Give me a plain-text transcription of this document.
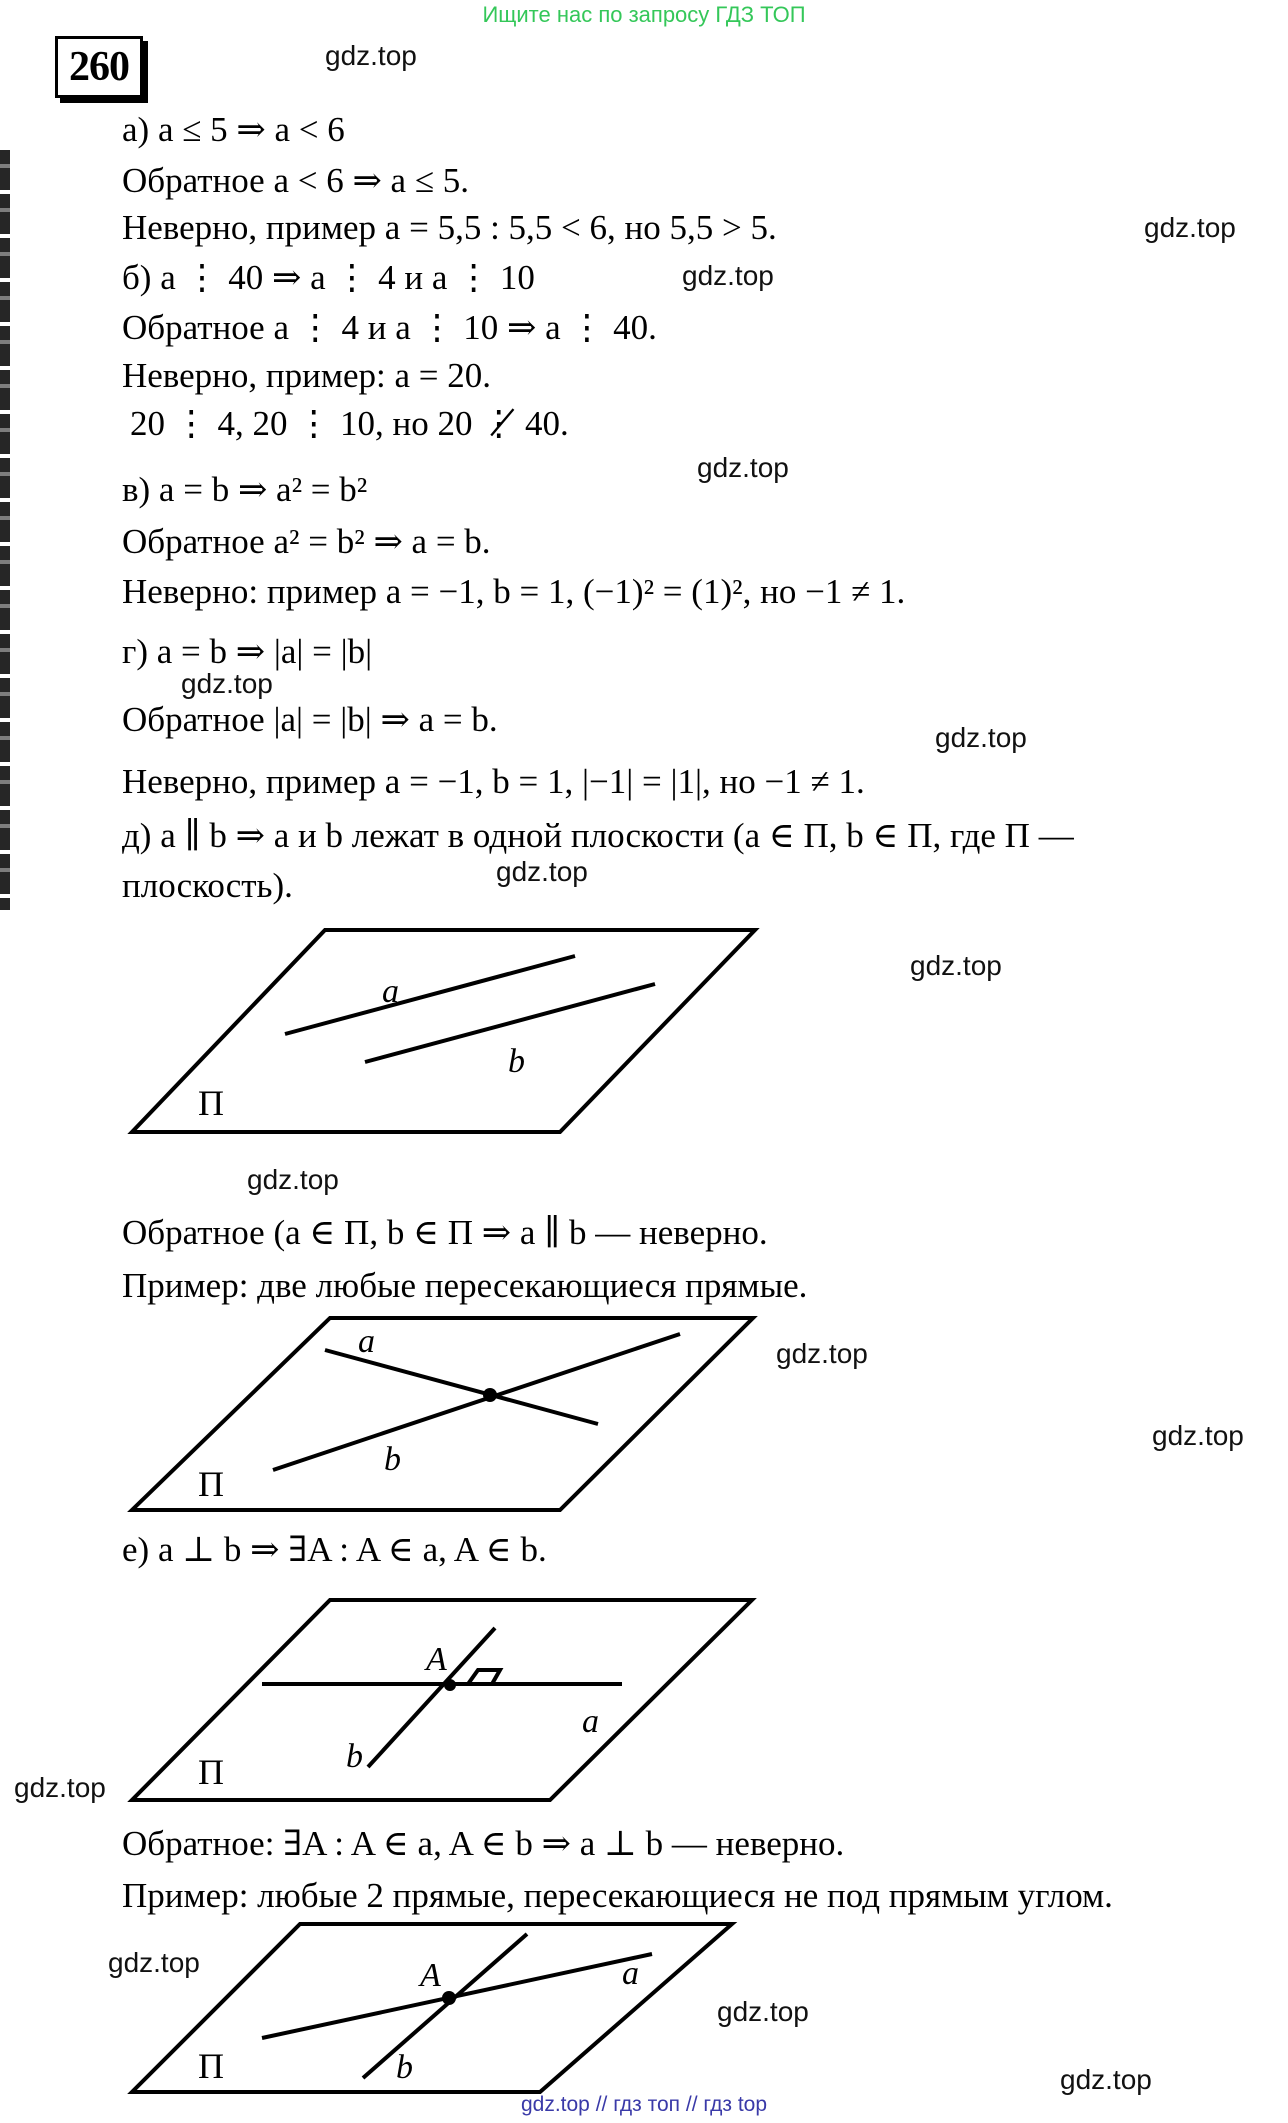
Ищите нас по запросу ГДЗ ТОП
260	gdz.top
gdz.top
gdz.top
gdz.top
gdz.top
gdz.top
gdz.top
gdz.top
gdz.top
gdz.top
gdz.top
gdz.top
gdz.top
gdz.top
gdz.top
а) a ≤ 5 ⇒ a < 6
Обратное a < 6 ⇒ a ≤ 5.
Неверно, пример a = 5,5 : 5,5 < 6, но 5,5 > 5.
б) a ⋮ 40 ⇒ a ⋮ 4 и a ⋮ 10
Обратное a ⋮ 4 и a ⋮ 10 ⇒ a ⋮ 40.
Неверно, пример: a = 20.
20 ⋮ 4, 20 ⋮ 10, но 20 ⋮̸ 40.
в) a = b ⇒ a² = b²
Обратное a² = b² ⇒ a = b.
Неверно: пример a = −1, b = 1, (−1)² = (1)², но −1 ≠ 1.
г) a = b ⇒ |a| = |b|
Обратное |a| = |b| ⇒ a = b.
Неверно, пример a = −1, b = 1, |−1| = |1|, но −1 ≠ 1.
д) a ∥ b ⇒ a и b лежат в одной плоскости (a ∈ П, b ∈ П, где П —
плоскость).
a
b
П
Обратное (a ∈ П, b ∈ П ⇒ a ∥ b — неверно.
Пример: две любые пересекающиеся прямые.
a
b
П
е) a ⊥ b ⇒ ∃A : A ∈ a, A ∈ b.
A
a
b
П
Обратное: ∃A : A ∈ a, A ∈ b ⇒ a ⊥ b — неверно.
Пример: любые 2 прямые, пересекающиеся не под прямым углом.
A	a
b
П
gdz.top // гдз топ // гдз top
